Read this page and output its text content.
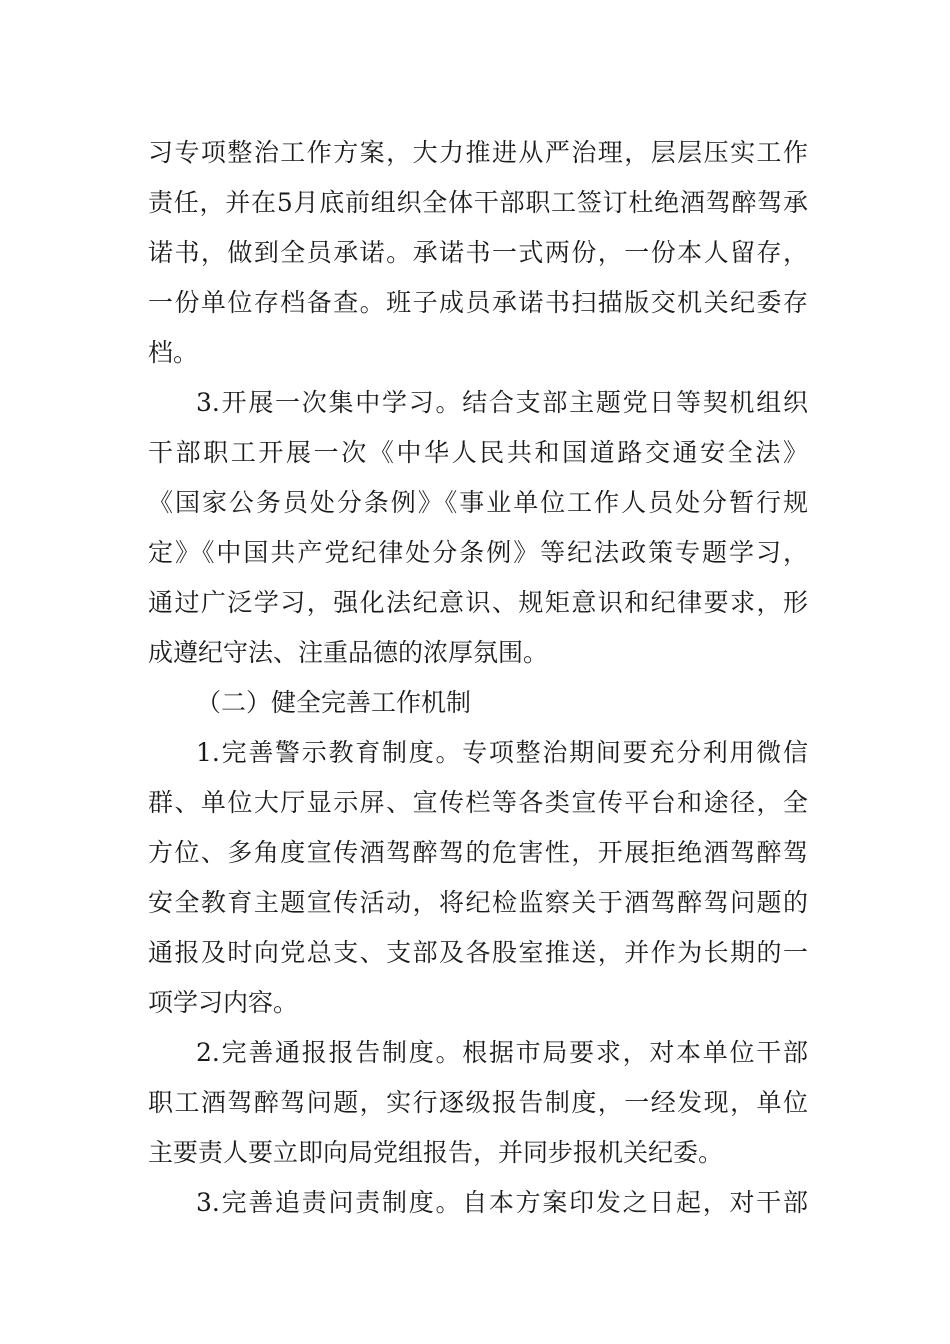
习专项整治工作方案，大力推进从严治理，层层压实工作
责任，并在5月底前组织全体干部职工签订杜绝酒驾醉驾承
诺书，做到全员承诺。承诺书一式两份，一份本人留存，
一份单位存档备查。班子成员承诺书扫描版交机关纪委存
档。
3.开展一次集中学习。结合支部主题党日等契机组织
干部职工开展一次《中华人民共和国道路交通安全法》
《国家公务员处分条例》《事业单位工作人员处分暂行规
定》《中国共产党纪律处分条例》等纪法政策专题学习，
通过广泛学习，强化法纪意识、规矩意识和纪律要求，形
成遵纪守法、注重品德的浓厚氛围。
（二）健全完善工作机制
1.完善警示教育制度。专项整治期间要充分利用微信
群、单位大厅显示屏、宣传栏等各类宣传平台和途径，全
方位、多角度宣传酒驾醉驾的危害性，开展拒绝酒驾醉驾
安全教育主题宣传活动，将纪检监察关于酒驾醉驾问题的
通报及时向党总支、支部及各股室推送，并作为长期的一
项学习内容。
2.完善通报报告制度。根据市局要求，对本单位干部
职工酒驾醉驾问题，实行逐级报告制度，一经发现，单位
主要责人要立即向局党组报告，并同步报机关纪委。
3.完善追责问责制度。自本方案印发之日起，对干部
